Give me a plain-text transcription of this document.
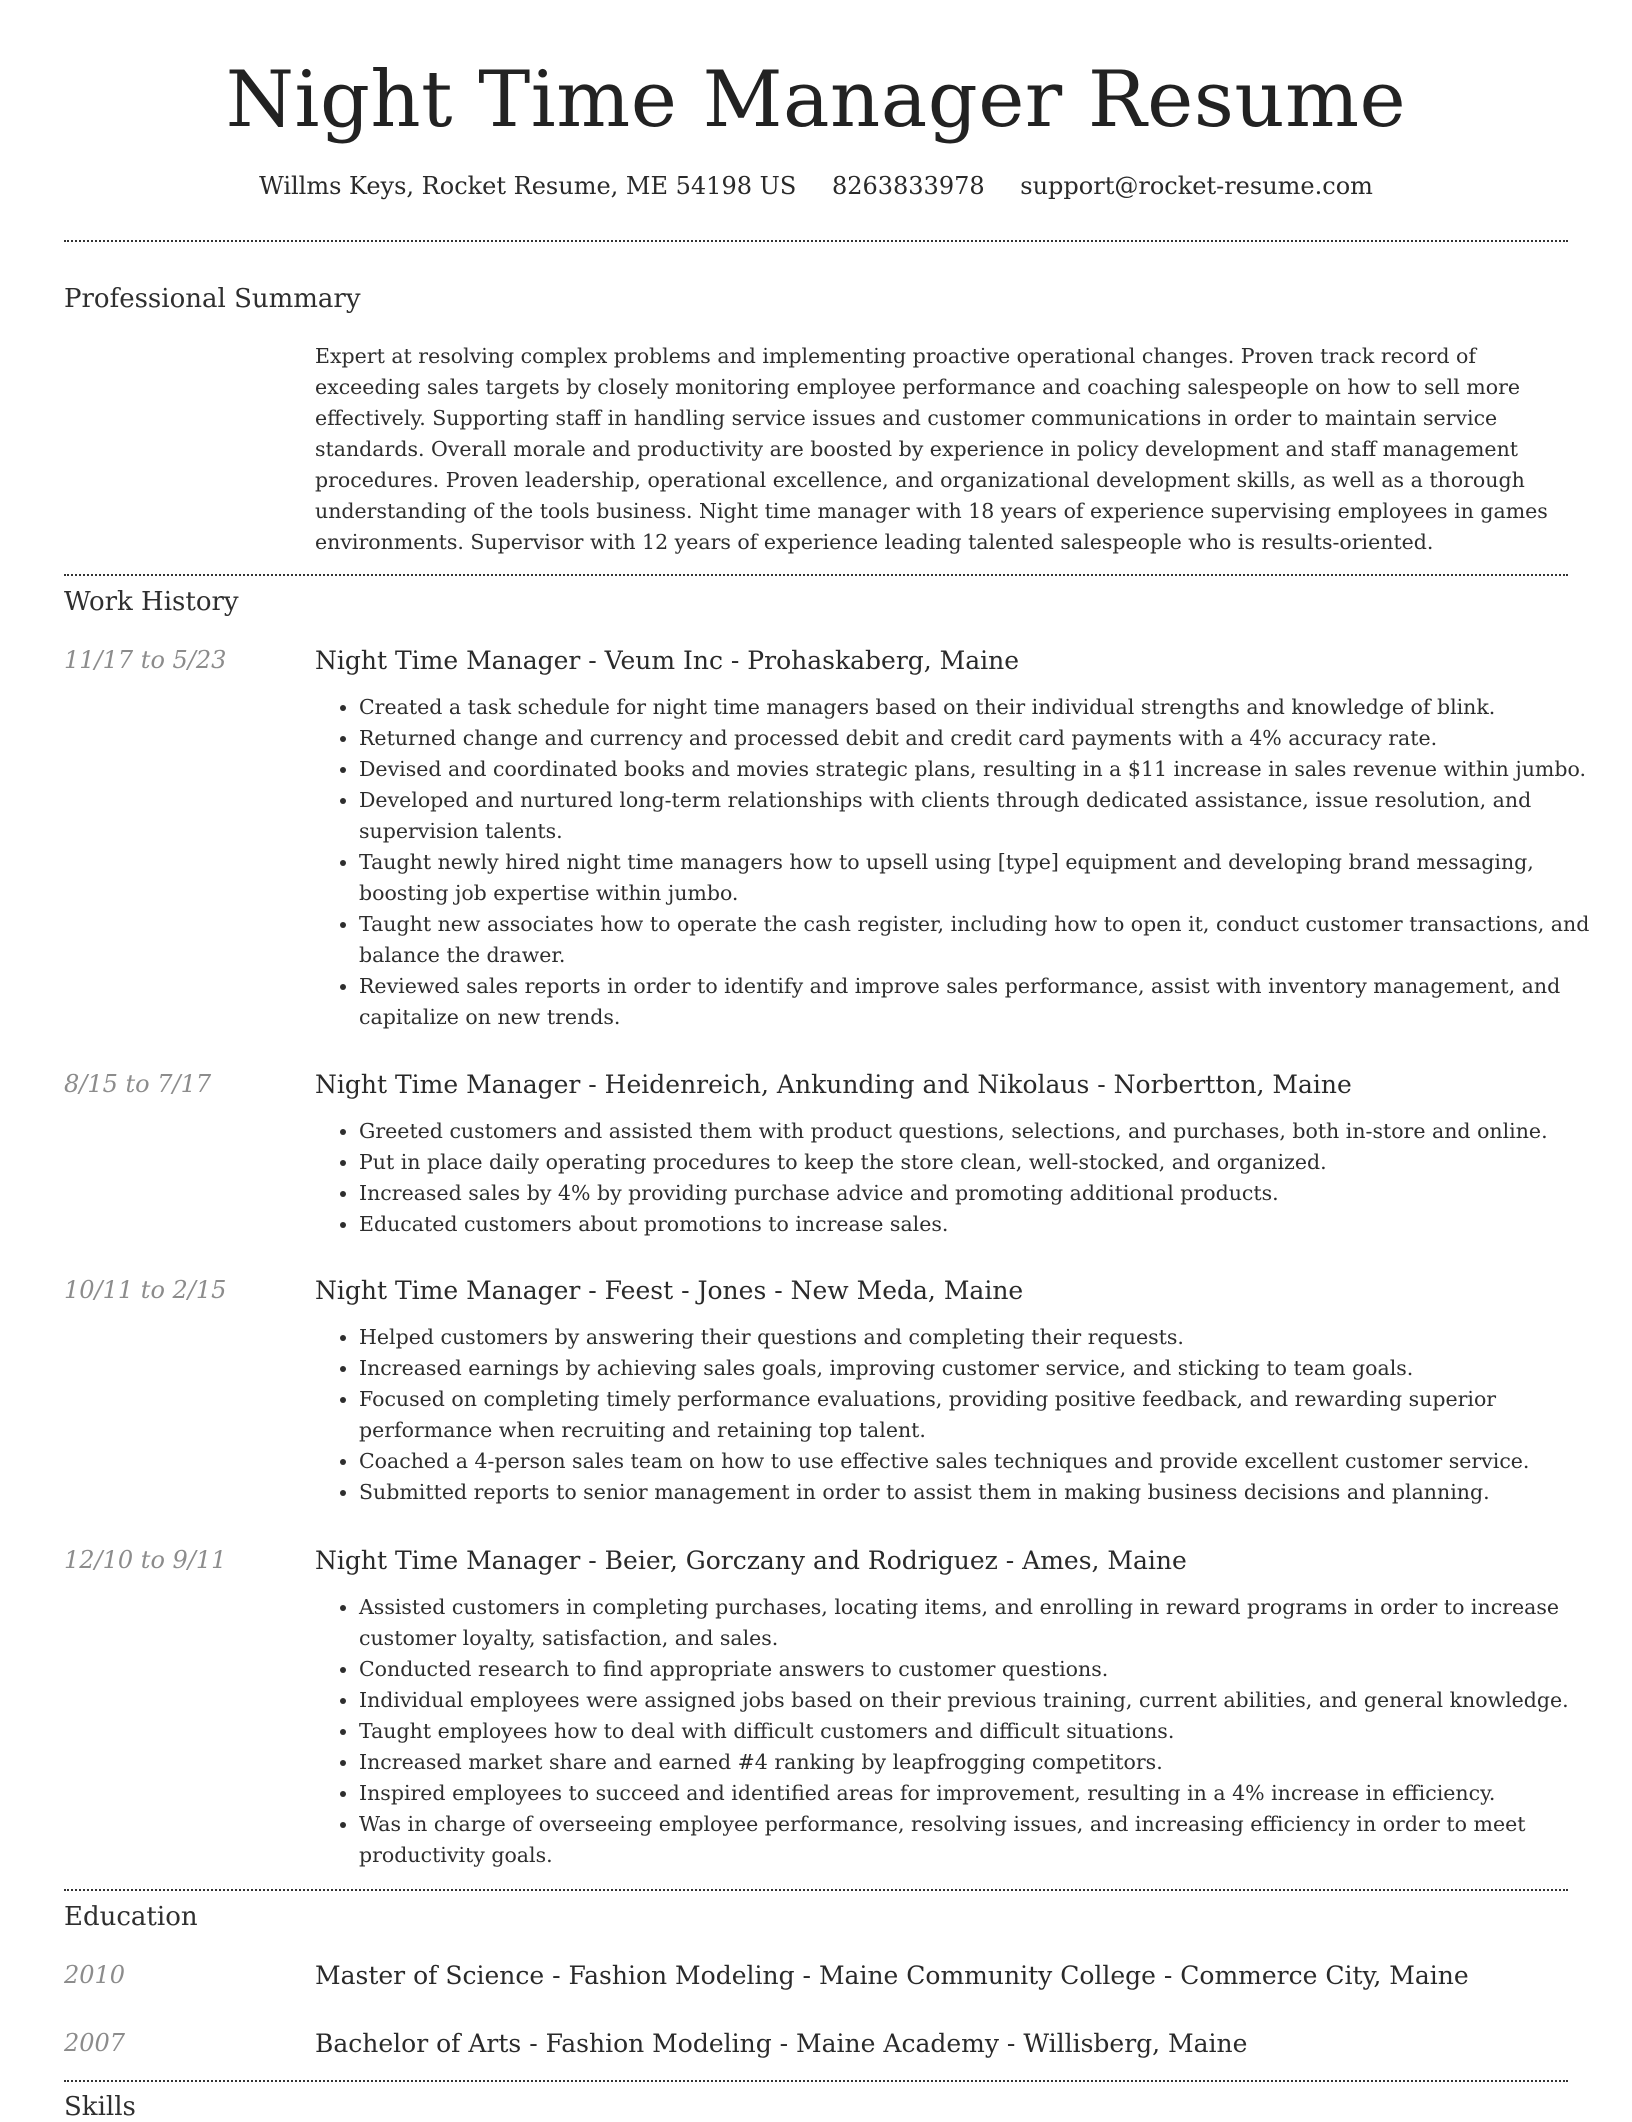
Night Time Manager Resume
Willms Keys, Rocket Resume, ME 54198 US 8263833978 support@rocket-resume.com
Professional Summary

Expert at resolving complex problems and implementing proactive operational changes. Proven track record of exceeding sales targets by closely monitoring employee performance and coaching salespeople on how to sell more effectively. Supporting staff in handling service issues and customer communications in order to maintain service standards. Overall morale and productivity are boosted by experience in policy development and staff management procedures. Proven leadership, operational excellence, and organizational development skills, as well as a thorough understanding of the tools business. Night time manager with 18 years of experience supervising employees in games environments. Supervisor with 12 years of experience leading talented salespeople who is results-oriented.

Work History
11/17 to 5/23	Night Time Manager - Veum Inc - Prohaskaberg, Maine
• Created a task schedule for night time managers based on their individual strengths and knowledge of blink.
• Returned change and currency and processed debit and credit card payments with a 4% accuracy rate.
• Devised and coordinated books and movies strategic plans, resulting in a $11 increase in sales revenue within jumbo.
• Developed and nurtured long-term relationships with clients through dedicated assistance, issue resolution, and supervision talents.
• Taught newly hired night time managers how to upsell using [type] equipment and developing brand messaging, boosting job expertise within jumbo.
• Taught new associates how to operate the cash register, including how to open it, conduct customer transactions, and balance the drawer.
• Reviewed sales reports in order to identify and improve sales performance, assist with inventory management, and capitalize on new trends.
8/15 to 7/17	Night Time Manager - Heidenreich, Ankunding and Nikolaus - Norbertton, Maine
• Greeted customers and assisted them with product questions, selections, and purchases, both in-store and online.
• Put in place daily operating procedures to keep the store clean, well-stocked, and organized.
• Increased sales by 4% by providing purchase advice and promoting additional products.
• Educated customers about promotions to increase sales.
10/11 to 2/15	Night Time Manager - Feest - Jones - New Meda, Maine
• Helped customers by answering their questions and completing their requests.
• Increased earnings by achieving sales goals, improving customer service, and sticking to team goals.
• Focused on completing timely performance evaluations, providing positive feedback, and rewarding superior performance when recruiting and retaining top talent.
• Coached a 4-person sales team on how to use effective sales techniques and provide excellent customer service.
• Submitted reports to senior management in order to assist them in making business decisions and planning.
12/10 to 9/11	Night Time Manager - Beier, Gorczany and Rodriguez - Ames, Maine
• Assisted customers in completing purchases, locating items, and enrolling in reward programs in order to increase customer loyalty, satisfaction, and sales.
• Conducted research to find appropriate answers to customer questions.
• Individual employees were assigned jobs based on their previous training, current abilities, and general knowledge.
• Taught employees how to deal with difficult customers and difficult situations.
• Increased market share and earned #4 ranking by leapfrogging competitors.
• Inspired employees to succeed and identified areas for improvement, resulting in a 4% increase in efficiency.
• Was in charge of overseeing employee performance, resolving issues, and increasing efficiency in order to meet productivity goals.
Education
2010	Master of Science - Fashion Modeling - Maine Community College - Commerce City, Maine
2007	Bachelor of Arts - Fashion Modeling - Maine Academy - Willisberg, Maine
Skills
